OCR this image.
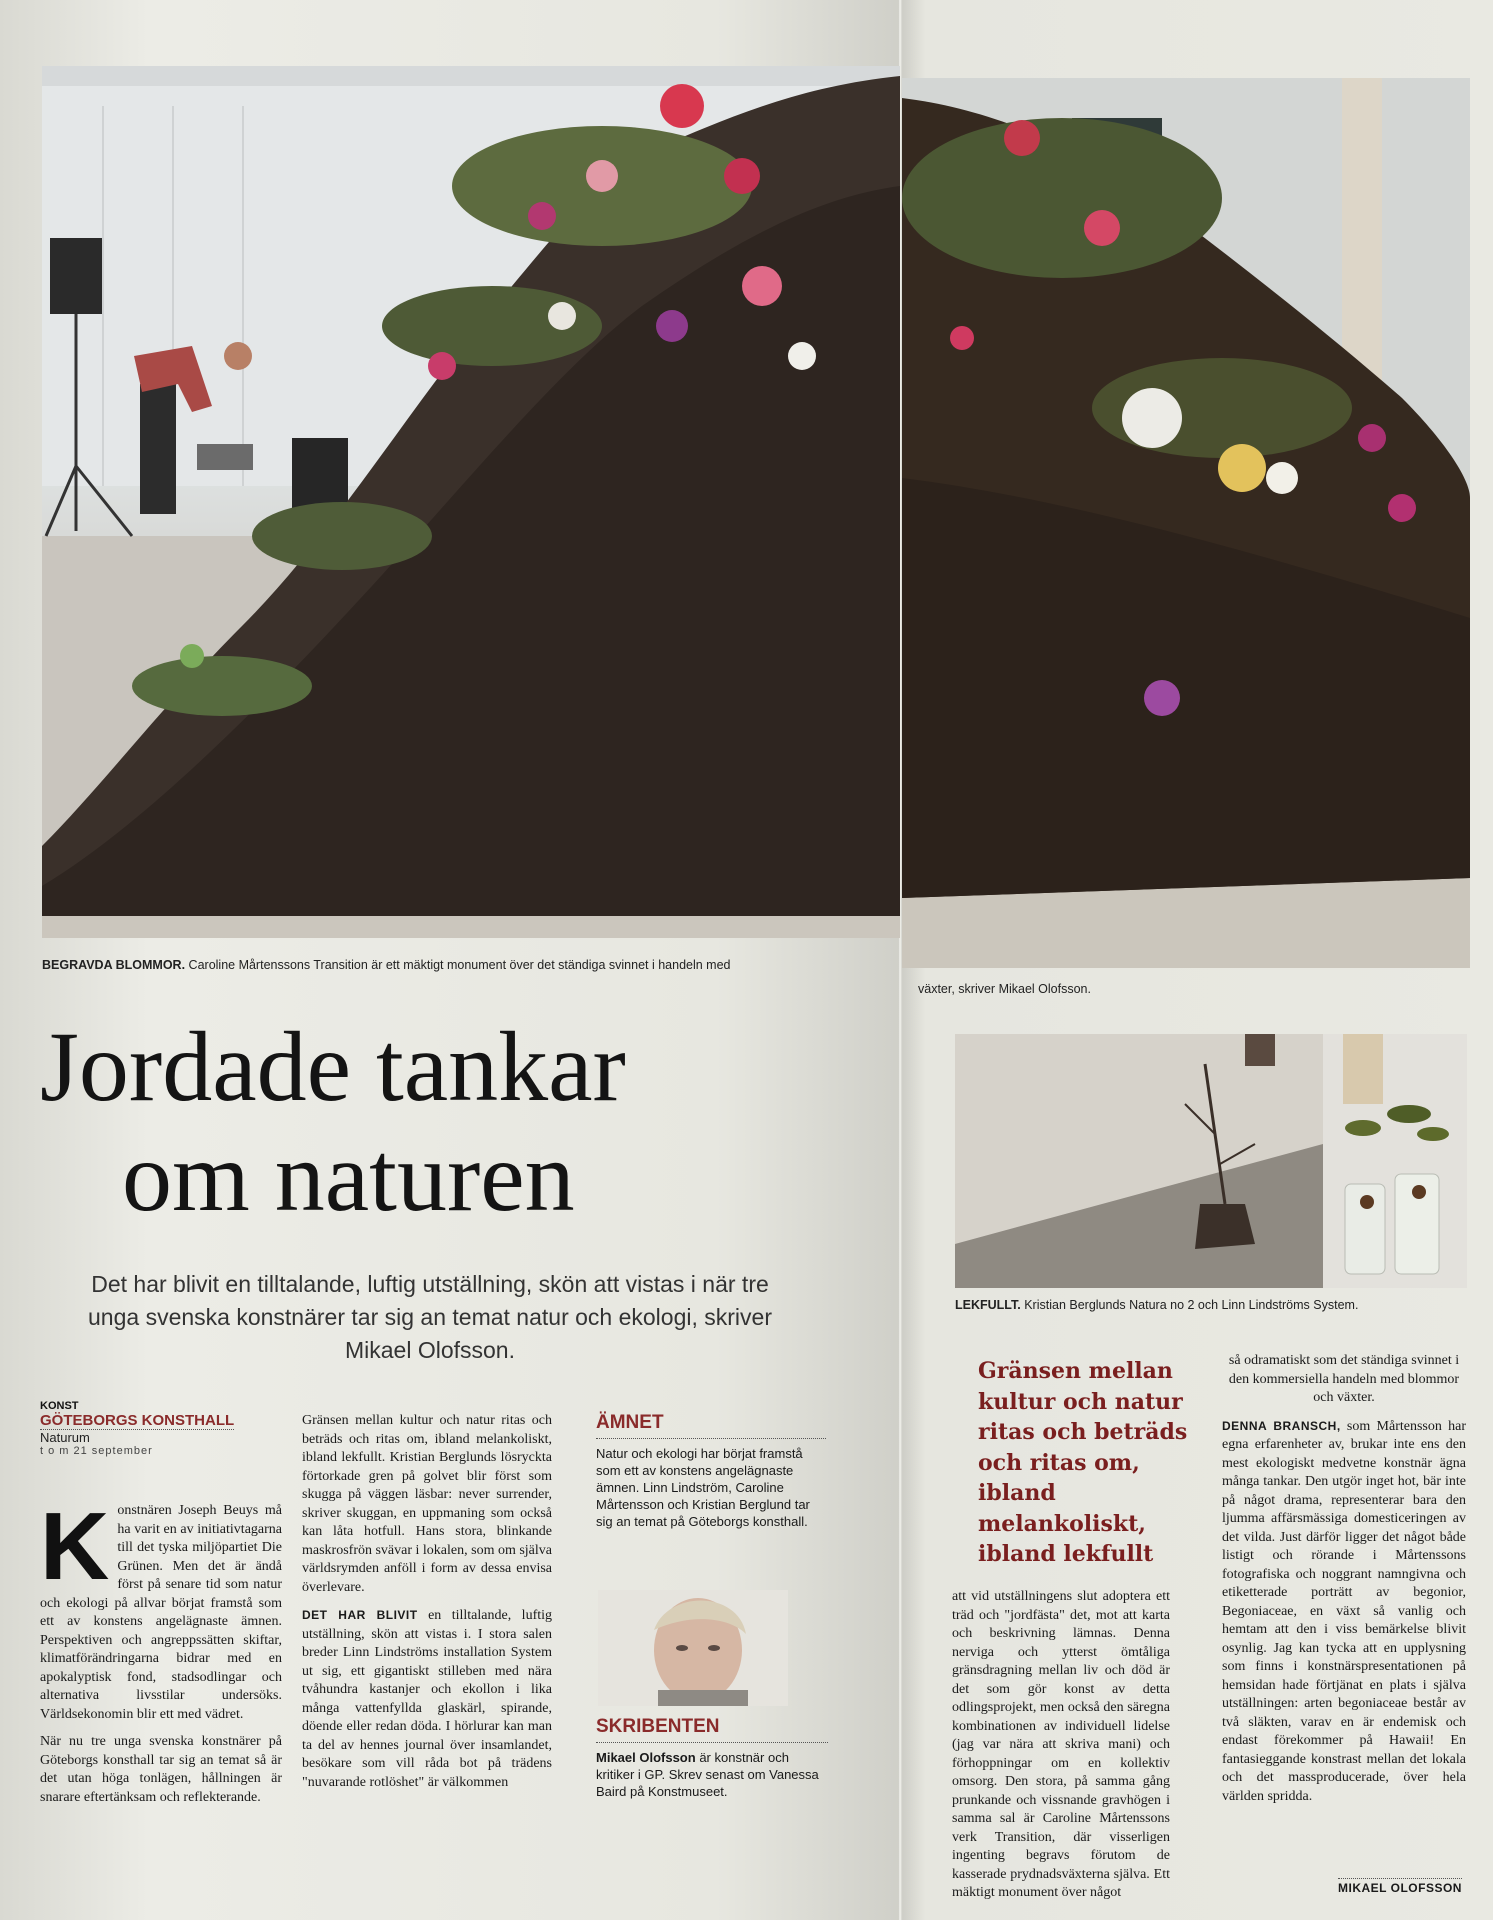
BEGRAVDA BLOMMOR. Caroline Mårtenssons Transition är ett mäktigt monument över det ständiga svinnet i handeln med
växter, skriver Mikael Olofsson.
Jordade tankar
om naturen
Det har blivit en tilltalande, luftig utställning, skön att vistas i när tre unga svenska konstnärer tar sig an temat natur och ekologi, skriver Mikael Olofsson.
KONST
GÖTEBORGS KONSTHALL
Naturum
t o m 21 september

Konstnären Joseph Beuys må ha varit en av initiativtagarna till det tyska miljöpartiet Die Grünen. Men det är ändå först på senare tid som natur och ekologi på allvar börjat framstå som ett av konstens angelägnaste ämnen. Perspektiven och angreppssätten skiftar, klimatförändringarna bidrar med en apokalyptisk fond, stadsodlingar och alternativa livsstilar undersöks. Världsekonomin blir ett med vädret.

När nu tre unga svenska konstnärer på Göteborgs konsthall tar sig an temat så är det utan höga tonlägen, hållningen är snarare eftertänksam och reflekterande.

Gränsen mellan kultur och natur ritas och beträds och ritas om, ibland melankoliskt, ibland lekfullt. Kristian Berglunds lösryckta förtorkade gren på golvet blir först som skugga på väggen läsbar: never surrender, skriver skuggan, en uppmaning som också kan låta hotfull. Hans stora, blinkande maskrosfrön svävar i lokalen, som om själva världsrymden anföll i form av dessa envisa överlevare.

DET HAR BLIVIT en tilltalande, luftig utställning, skön att vistas i. I stora salen breder Linn Lindströms installation System ut sig, ett gigantiskt stilleben med nära tvåhundra kastanjer och ekollon i lika många vattenfyllda glaskärl, spirande, döende eller redan döda. I hörlurar kan man ta del av hennes journal över insamlandet, besökare som vill råda bot på trädens "nuvarande rotlöshet" är välkommen

ÄMNET

Natur och ekologi har börjat framstå som ett av konstens angelägnaste ämnen. Linn Lindström, Caroline Mårtensson och Kristian Berglund tar sig an temat på Göteborgs konsthall.

SKRIBENTEN

Mikael Olofsson är konstnär och kritiker i GP. Skrev senast om Vanessa Baird på Konstmuseet.

LEKFULLT. Kristian Berglunds Natura no 2 och Linn Lindströms System.
Gränsen mellan kultur och natur ritas och beträds och ritas om, ibland melankoliskt, ibland lekfullt

att vid utställningens slut adoptera ett träd och "jordfästa" det, mot att karta och beskrivning lämnas. Denna nerviga och ytterst ömtåliga gränsdragning mellan liv och död är det som gör konst av detta odlingsprojekt, men också den säregna kombinationen av individuell lidelse (jag var nära att skriva mani) och förhoppningar om en kollektiv omsorg. Den stora, på samma gång prunkande och vissnande gravhögen i samma sal är Caroline Mårtenssons verk Transition, där visserligen ingenting begravs förutom de kasserade prydnadsväxterna själva. Ett mäktigt monument över något

så odramatiskt som det ständiga svinnet i den kommersiella handeln med blommor och växter.

DENNA BRANSCH, som Mårtensson har egna erfarenheter av, brukar inte ens den mest ekologiskt medvetne konstnär ägna många tankar. Den utgör inget hot, bär inte på något drama, representerar bara den ljumma affärsmässiga domesticeringen av det vilda. Just därför ligger det något både listigt och rörande i Mårtenssons fotografiska och noggrant namngivna och etiketterade porträtt av begonior, Begoniaceae, en växt så vanlig och hemtam att den i viss bemärkelse blivit osynlig. Jag kan tycka att en upplysning som finns i konstnärspresentationen på hemsidan hade förtjänat en plats i själva utställningen: arten begoniaceae består av två släkten, varav en är endemisk och endast förekommer på Hawaii! En fantasieggande konstrast mellan det lokala och det massproducerade, över hela världen spridda.

MIKAEL OLOFSSON
